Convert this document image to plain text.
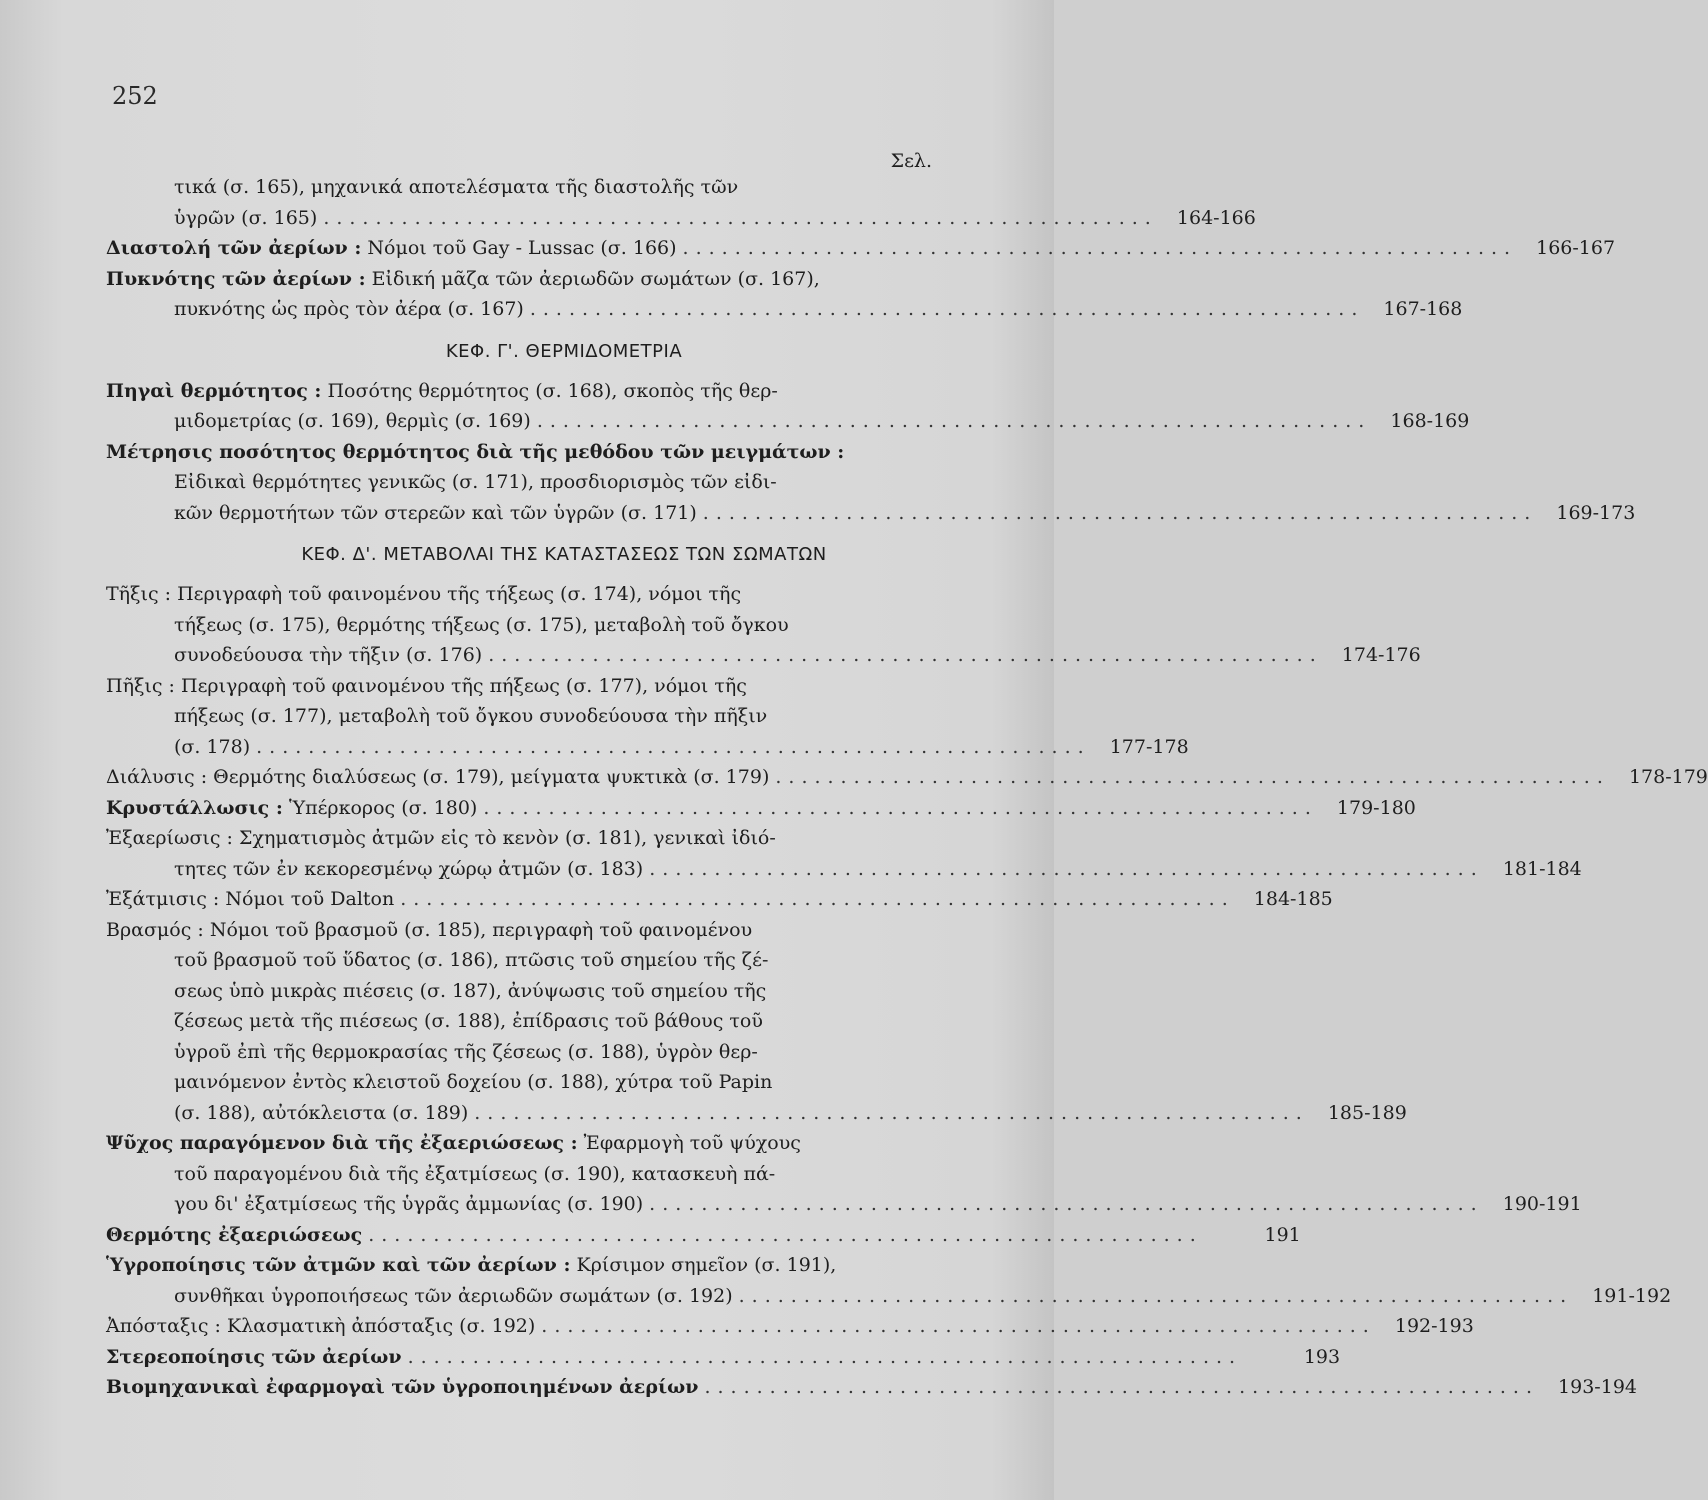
252
Σελ.
τικά (σ. 165), μηχανικά αποτελέσματα τῆς διαστολῆς τῶν
ὑγρῶν (σ. 165) ................................................................	164-166
Διαστολή τῶν ἀερίων :
Νόμοι τοῦ Gay - Lussac (σ. 166) ................................................................	166-167
Πυκνότης τῶν ἀερίων :
Εἰδική μᾶζα τῶν ἀεριωδῶν σωμάτων (σ. 167),
πυκνότης ὡς πρὸς τὸν ἀέρα (σ. 167) ................................................................	167-168
ΚΕΦ. Γ'. ΘΕΡΜΙΔΟΜΕΤΡΙΑ
Πηγαὶ θερμότητος :
Ποσότης θερμότητος (σ. 168), σκοπὸς τῆς θερ-
μιδομετρίας (σ. 169), θερμὶς (σ. 169) ................................................................	168-169
Μέτρησις ποσότητος θερμότητος διὰ τῆς μεθόδου τῶν μειγμάτων :
Εἰδικαὶ θερμότητες γενικῶς (σ. 171), προσδιορισμὸς τῶν εἰδι-
κῶν θερμοτήτων τῶν στερεῶν καὶ τῶν ὑγρῶν (σ. 171) ................................................................	169-173
ΚΕΦ. Δ'. ΜΕΤΑΒΟΛΑΙ ΤΗΣ ΚΑΤΑΣΤΑΣΕΩΣ ΤΩΝ ΣΩΜΑΤΩΝ
Τῆξις :
Περιγραφὴ τοῦ φαινομένου τῆς τήξεως (σ. 174), νόμοι τῆς
τήξεως (σ. 175), θερμότης τήξεως (σ. 175), μεταβολὴ τοῦ ὄγκου
συνοδεύουσα τὴν τῆξιν (σ. 176) ................................................................	174-176
Πῆξις :
Περιγραφὴ τοῦ φαινομένου τῆς πήξεως (σ. 177), νόμοι τῆς
πήξεως (σ. 177), μεταβολὴ τοῦ ὄγκου συνοδεύουσα τὴν πῆξιν
(σ. 178) ................................................................	177-178
Διάλυσις :
Θερμότης διαλύσεως (σ. 179), μείγματα ψυκτικὰ (σ. 179) ................................................................	178-179
Κρυστάλλωσις :
Ὑπέρκορος (σ. 180) ................................................................	179-180
Ἐξαερίωσις :
Σχηματισμὸς ἀτμῶν εἰς τὸ κενὸν (σ. 181), γενικαὶ ἰδιό-
τητες τῶν ἐν κεκορεσμένῳ χώρῳ ἀτμῶν (σ. 183) ................................................................	181-184
Ἐξάτμισις :
Νόμοι τοῦ Dalton ................................................................	184-185
Βρασμός :
Νόμοι τοῦ βρασμοῦ (σ. 185), περιγραφὴ τοῦ φαινομένου
τοῦ βρασμοῦ τοῦ ὕδατος (σ. 186), πτῶσις τοῦ σημείου τῆς ζέ-
σεως ὑπὸ μικρὰς πιέσεις (σ. 187), ἀνύψωσις τοῦ σημείου τῆς
ζέσεως μετὰ τῆς πιέσεως (σ. 188), ἐπίδρασις τοῦ βάθους τοῦ
ὑγροῦ ἐπὶ τῆς θερμοκρασίας τῆς ζέσεως (σ. 188), ὑγρὸν θερ-
μαινόμενον ἐντὸς κλειστοῦ δοχείου (σ. 188), χύτρα τοῦ Papin
(σ. 188), αὐτόκλειστα (σ. 189) ................................................................	185-189
Ψῦχος παραγόμενον διὰ τῆς ἐξαεριώσεως :
Ἐφαρμογὴ τοῦ ψύχους
τοῦ παραγομένου διὰ τῆς ἐξατμίσεως (σ. 190), κατασκευὴ πά-
γου δι' ἐξατμίσεως τῆς ὑγρᾶς ἀμμωνίας (σ. 190) ................................................................	190-191
Θερμότης ἐξαεριώσεως ................................................................	191
Ὑγροποίησις τῶν ἀτμῶν καὶ τῶν ἀερίων :
Κρίσιμον σημεῖον (σ. 191),
συνθῆκαι ὑγροποιήσεως τῶν ἀεριωδῶν σωμάτων (σ. 192) ................................................................	191-192
Ἀπόσταξις :
Κλασματικὴ ἀπόσταξις (σ. 192) ................................................................	192-193
Στερεοποίησις τῶν ἀερίων ................................................................	193
Βιομηχανικαὶ ἐφαρμογαὶ τῶν ὑγροποιημένων ἀερίων ................................................................	193-194
